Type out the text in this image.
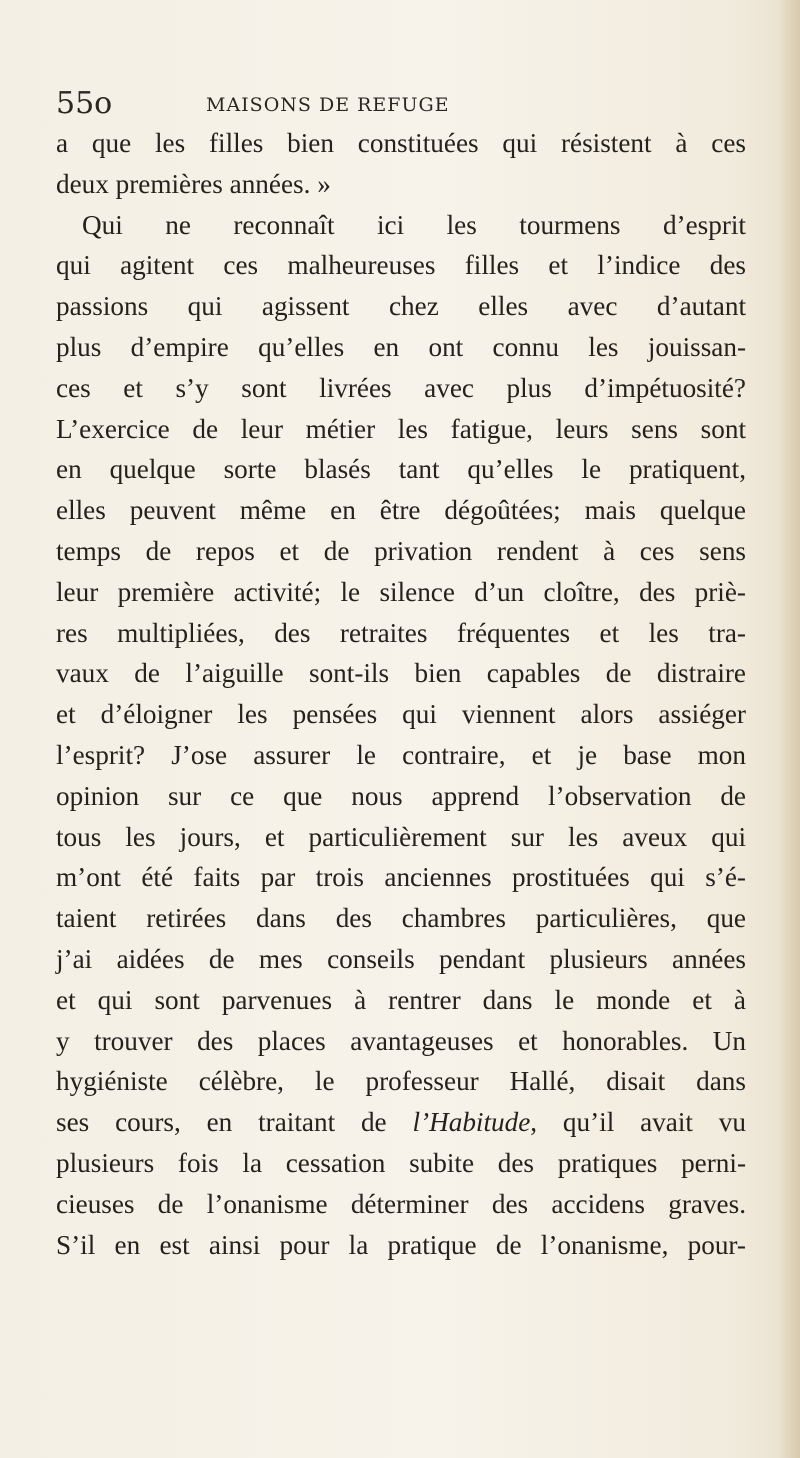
55o	MAISONS DE REFUGE
a que les filles bien constituées qui résistent à ces
deux premières années. »
Qui ne reconnaît ici les tourmens d’esprit
qui agitent ces malheureuses filles et l’indice des
passions qui agissent chez elles avec d’autant
plus d’empire qu’elles en ont connu les jouissan-
ces et s’y sont livrées avec plus d’impétuosité?
L’exercice de leur métier les fatigue, leurs sens sont
en quelque sorte blasés tant qu’elles le pratiquent,
elles peuvent même en être dégoûtées; mais quelque
temps de repos et de privation rendent à ces sens
leur première activité; le silence d’un cloître, des priè-
res multipliées, des retraites fréquentes et les tra-
vaux de l’aiguille sont-ils bien capables de distraire
et d’éloigner les pensées qui viennent alors assiéger
l’esprit? J’ose assurer le contraire, et je base mon
opinion sur ce que nous apprend l’observation de
tous les jours, et particulièrement sur les aveux qui
m’ont été faits par trois anciennes prostituées qui s’é-
taient retirées dans des chambres particulières, que
j’ai aidées de mes conseils pendant plusieurs années
et qui sont parvenues à rentrer dans le monde et à
y trouver des places avantageuses et honorables. Un
hygiéniste célèbre, le professeur Hallé, disait dans
ses cours, en traitant de l’Habitude, qu’il avait vu
plusieurs fois la cessation subite des pratiques perni-
cieuses de l’onanisme déterminer des accidens graves.
S’il en est ainsi pour la pratique de l’onanisme, pour-
